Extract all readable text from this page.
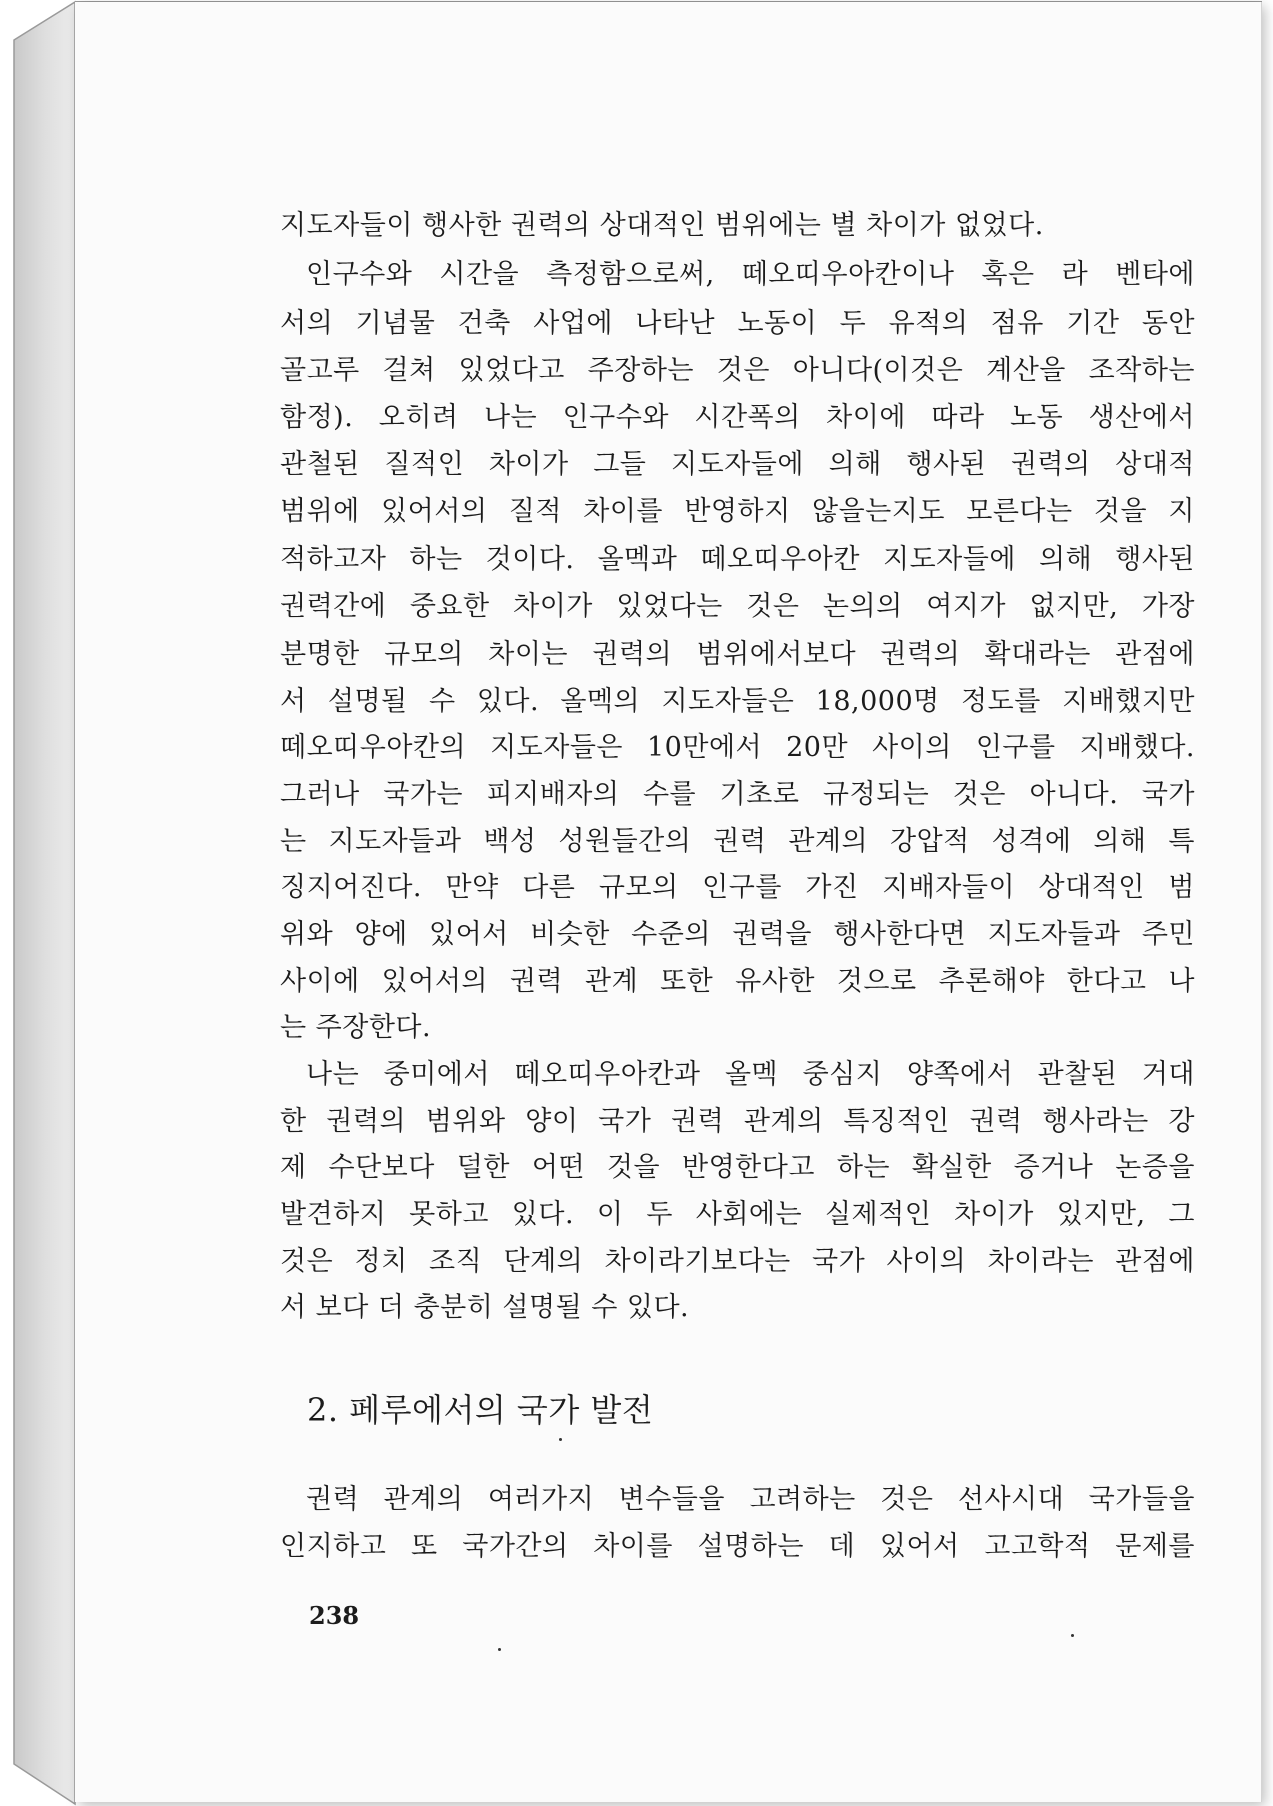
지도자들이 행사한 권력의 상대적인 범위에는 별 차이가 없었다.
인구수와 시간을 측정함으로써, 떼오띠우아칸이나 혹은 라 벤타에
서의 기념물 건축 사업에 나타난 노동이 두 유적의 점유 기간 동안
골고루 걸쳐 있었다고 주장하는 것은 아니다(이것은 계산을 조작하는
함정). 오히려 나는 인구수와 시간폭의 차이에 따라 노동 생산에서
관철된 질적인 차이가 그들 지도자들에 의해 행사된 권력의 상대적
범위에 있어서의 질적 차이를 반영하지 않을는지도 모른다는 것을 지
적하고자 하는 것이다. 올멕과 떼오띠우아칸 지도자들에 의해 행사된
권력간에 중요한 차이가 있었다는 것은 논의의 여지가 없지만, 가장
분명한 규모의 차이는 권력의 범위에서보다 권력의 확대라는 관점에
서 설명될 수 있다. 올멕의 지도자들은 18,000명 정도를 지배했지만
떼오띠우아칸의 지도자들은 10만에서 20만 사이의 인구를 지배했다.
그러나 국가는 피지배자의 수를 기초로 규정되는 것은 아니다. 국가
는 지도자들과 백성 성원들간의 권력 관계의 강압적 성격에 의해 특
징지어진다. 만약 다른 규모의 인구를 가진 지배자들이 상대적인 범
위와 양에 있어서 비슷한 수준의 권력을 행사한다면 지도자들과 주민
사이에 있어서의 권력 관계 또한 유사한 것으로 추론해야 한다고 나
는 주장한다.
나는 중미에서 떼오띠우아칸과 올멕 중심지 양쪽에서 관찰된 거대
한 권력의 범위와 양이 국가 권력 관계의 특징적인 권력 행사라는 강
제 수단보다 덜한 어떤 것을 반영한다고 하는 확실한 증거나 논증을
발견하지 못하고 있다. 이 두 사회에는 실제적인 차이가 있지만, 그
것은 정치 조직 단계의 차이라기보다는 국가 사이의 차이라는 관점에
서 보다 더 충분히 설명될 수 있다.
2. 페루에서의 국가 발전
권력 관계의 여러가지 변수들을 고려하는 것은 선사시대 국가들을
인지하고 또 국가간의 차이를 설명하는 데 있어서 고고학적 문제를
238
